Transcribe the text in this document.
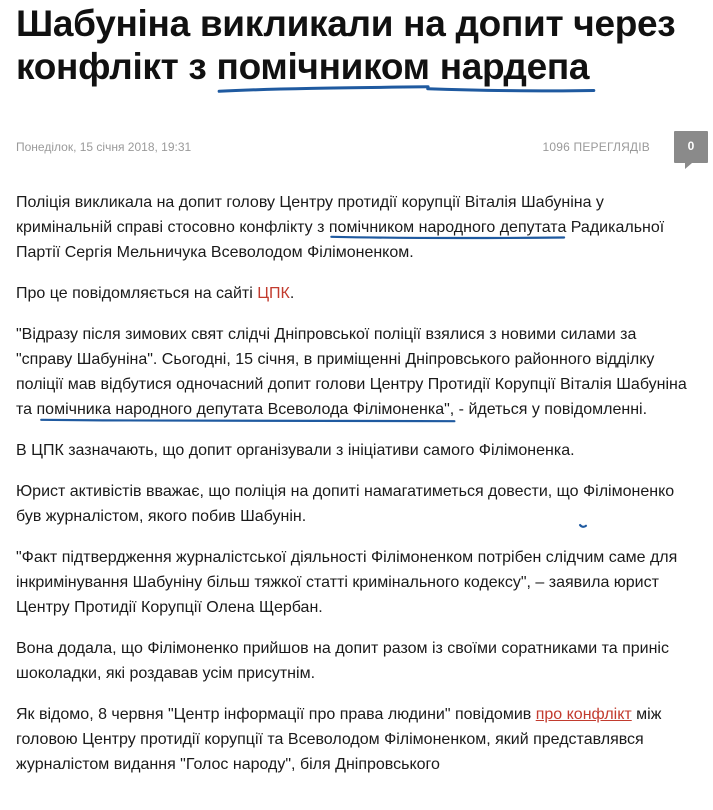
Шабуніна викликали на допит через конфлікт з помічником нардепа
Понеділок, 15 січня 2018, 19:31	1096 ПЕРЕГЛЯДІВ	0

Поліція викликала на допит голову Центру протидії корупції Віталія Шабуніна у кримінальній справі стосовно конфлікту з помічником народного депутата
Радикальної Партії Сергія Мельничука Всеволодом Філімоненком.

Про це повідомляється на сайті ЦПК.

"Відразу після зимових свят слідчі Дніпровської поліції взялися з новими силами за "справу Шабуніна". Сьогодні, 15 січня, в приміщенні Дніпровського районного відділку поліції мав відбутися одночасний допит голови Центру Протидії Корупції Віталія Шабуніна та помічника народного депутата Всеволода Філімоненка
", - йдеться у повідомленні.

В ЦПК зазначають, що допит організували з ініціативи самого Філімоненка.

Юрист активістів вважає, що поліція на допиті намагатиметься довести, що Філімоненко був журналістом
, якого побив Шабунін.

"Факт підтвердження журналістської діяльності Філімоненком потрібен слідчим саме для інкримінування Шабуніну більш тяжкої статті кримінального кодексу", – заявила юрист Центру Протидії Корупції Олена Щербан.

Вона додала, що Філімоненко прийшов на допит разом із своїми соратниками та приніс шоколадки, які роздавав усім присутнім.

Як відомо, 8 червня "Центр інформації про права людини" повідомив про конфлікт між головою Центру протидії корупції та Всеволодом Філімоненком, який представлявся журналістом видання "Голос народу", біля Дніпровського
